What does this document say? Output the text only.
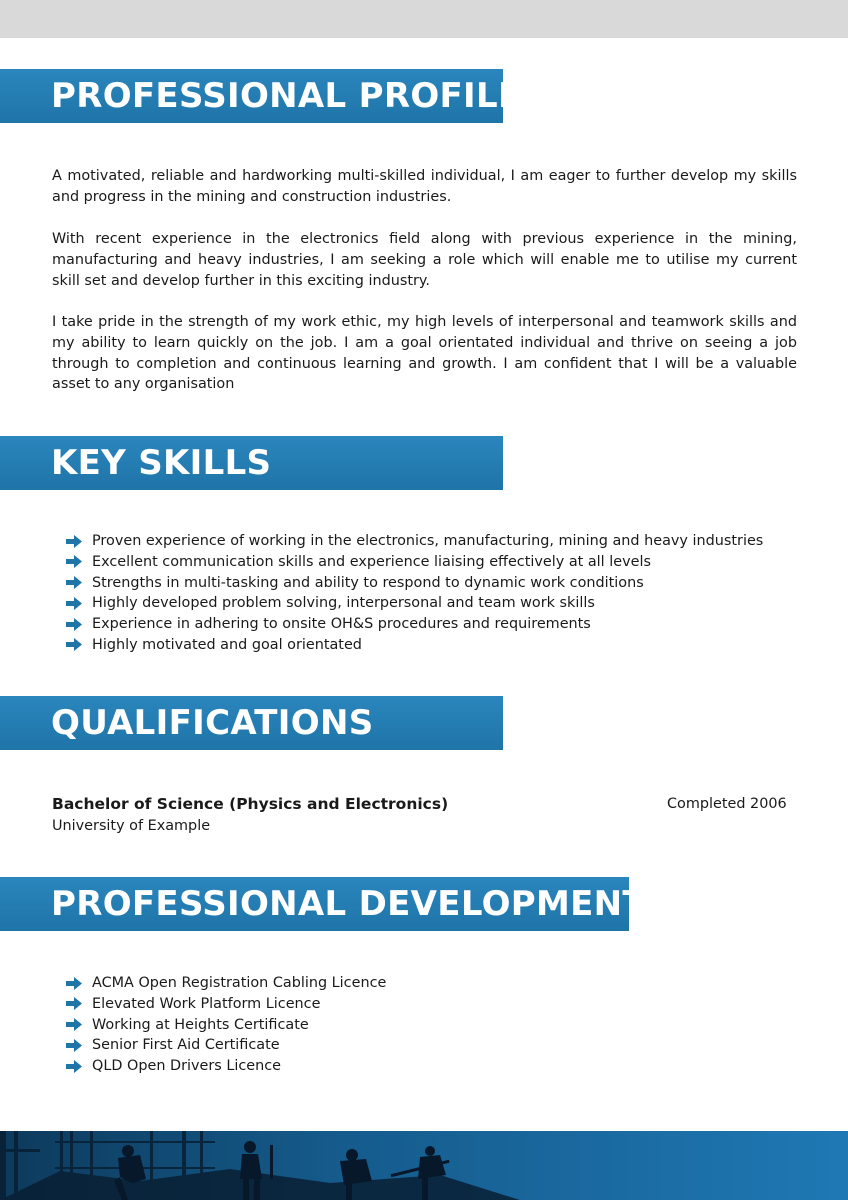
PROFESSIONAL PROFILE

A motivated, reliable and hardworking multi-skilled individual, I am eager to further develop my skills and progress in the mining and construction industries.

With recent experience in the electronics field along with previous experience in the mining, manufacturing and heavy industries, I am seeking a role which will enable me to utilise my current skill set and develop further in this exciting industry.

I take pride in the strength of my work ethic, my high levels of interpersonal and teamwork skills and my ability to learn quickly on the job. I am a goal orientated individual and thrive on seeing a job through to completion and continuous learning and growth. I am confident that I will be a valuable asset to any organisation

KEY SKILLS
Proven experience of working in the electronics, manufacturing, mining and heavy industries
Excellent communication skills and experience liaising effectively at all levels
Strengths in multi-tasking and ability to respond to dynamic work conditions
Highly developed problem solving, interpersonal and team work skills
Experience in adhering to onsite OH&S procedures and requirements
Highly motivated and goal orientated
QUALIFICATIONS
Bachelor of Science (Physics and Electronics)
University of Example
Completed 2006
PROFESSIONAL DEVELOPMENT
ACMA Open Registration Cabling Licence
Elevated Work Platform Licence
Working at Heights Certificate
Senior First Aid Certificate
QLD Open Drivers Licence
